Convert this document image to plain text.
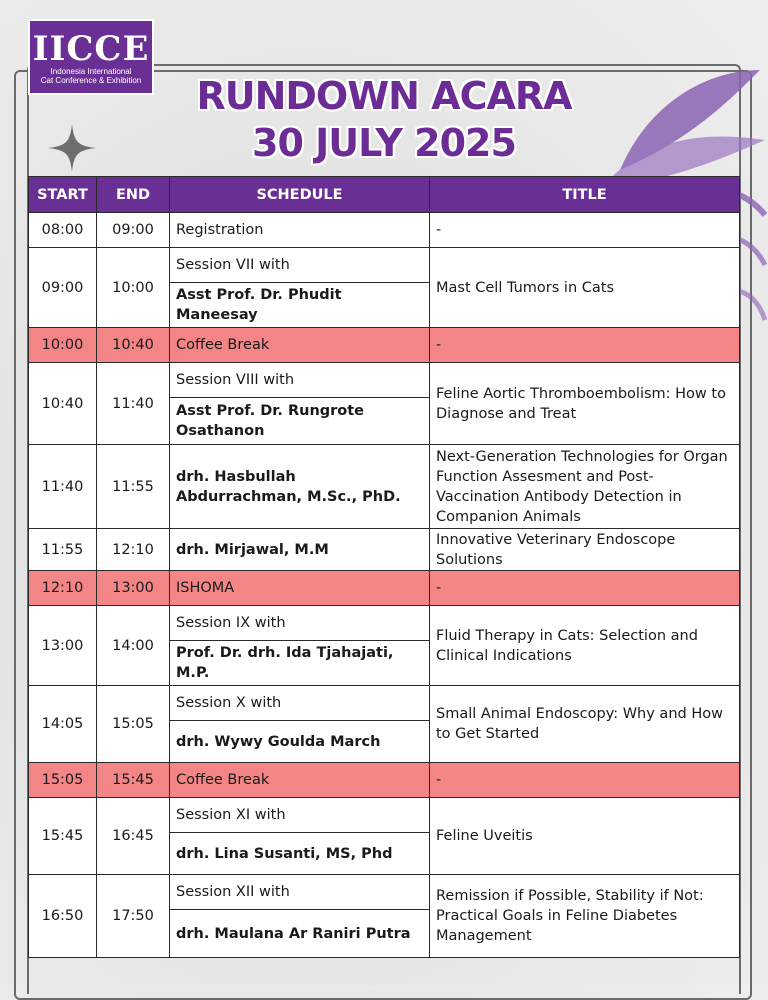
IICCE
Indonesia International
Cat Conference & Exhibition	RUNDOWN ACARA
30 JULY 2025
START	END	SCHEDULE	TITLE
08:00	09:00	Registration	-
09:00	10:00	Session VII with	Mast Cell Tumors in Cats
		Asst Prof. Dr. Phudit Maneesay	
10:00	10:40	Coffee Break	-
10:40	11:40	Session VIII with	Feline Aortic Thromboembolism: How to Diagnose and Treat
		Asst Prof. Dr. Rungrote Osathanon	
11:40	11:55	drh. Hasbullah Abdurrachman, M.Sc., PhD.	Next-Generation Technologies for Organ Function Assesment and Post-Vaccination Antibody Detection in Companion Animals
11:55	12:10	drh. Mirjawal, M.M	Innovative Veterinary Endoscope Solutions
12:10	13:00	ISHOMA	-
13:00	14:00	Session IX with	Fluid Therapy in Cats: Selection and Clinical Indications
		Prof. Dr. drh. Ida Tjahajati, M.P.	
14:05	15:05	Session X with	Small Animal Endoscopy: Why and How to Get Started
		drh. Wywy Goulda March	
15:05	15:45	Coffee Break	-
15:45	16:45	Session XI with	Feline Uveitis
		drh. Lina Susanti, MS, Phd	
16:50	17:50	Session XII with	Remission if Possible, Stability if Not: Practical Goals in Feline Diabetes Management
		drh. Maulana Ar Raniri Putra	
